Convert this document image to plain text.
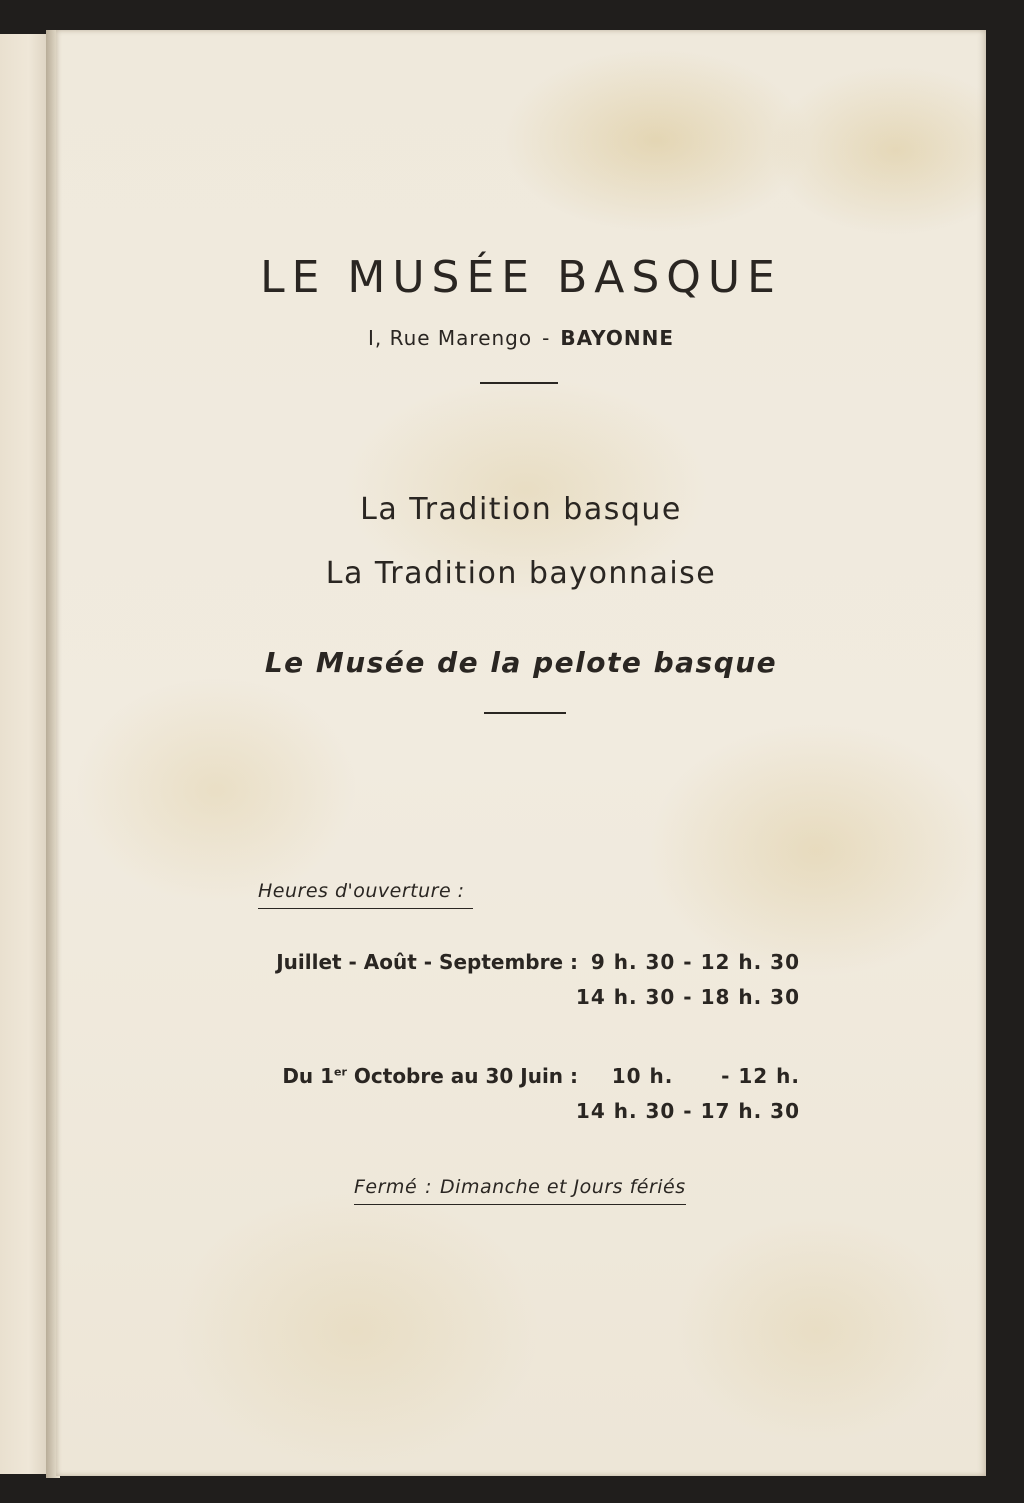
LE MUSÉE BASQUE
I, Rue Marengo - BAYONNE
La Tradition basque
La Tradition bayonnaise
Le Musée de la pelote basque
Heures d'ouverture :
Juillet - Août - Septembre : 9 h. 30 - 12 h. 30
14 h. 30 - 18 h. 30
Du 1er Octobre au 30 Juin : 10 h.      - 12 h.
14 h. 30 - 17 h. 30
Fermé : Dimanche et Jours fériés
